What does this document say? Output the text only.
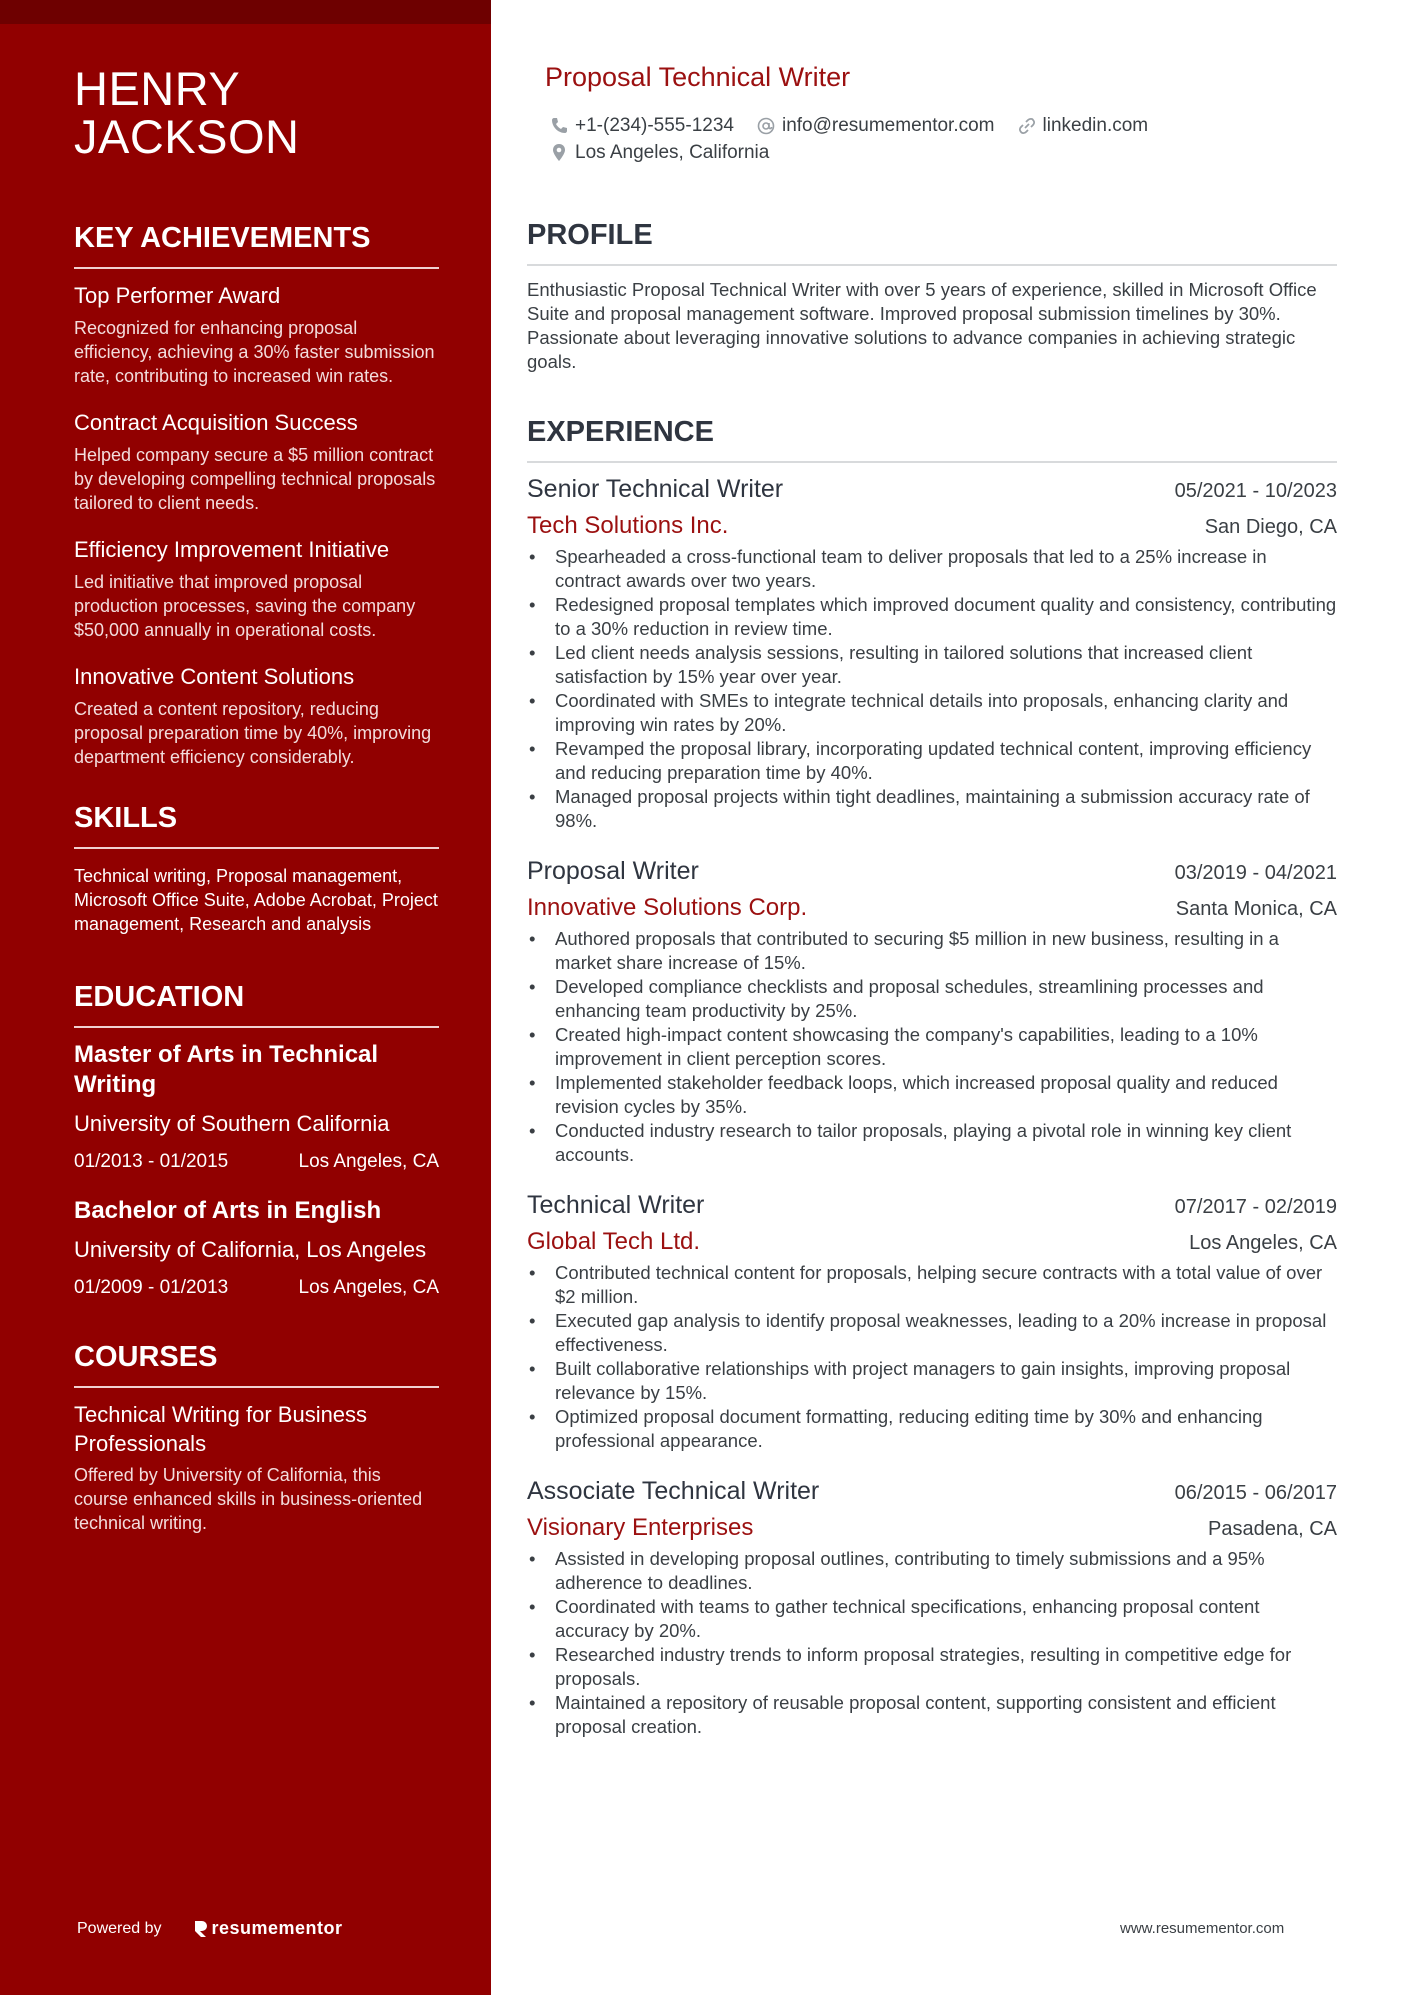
HENRY
JACKSON
KEY ACHIEVEMENTS
Top Performer Award
Recognized for enhancing proposal efficiency, achieving a 30% faster submission rate, contributing to increased win rates.
Contract Acquisition Success
Helped company secure a $5 million contract by developing compelling technical proposals tailored to client needs.
Efficiency Improvement Initiative
Led initiative that improved proposal production processes, saving the company $50,000 annually in operational costs.
Innovative Content Solutions
Created a content repository, reducing proposal preparation time by 40%, improving department efficiency considerably.
SKILLS
Technical writing, Proposal management, Microsoft Office Suite, Adobe Acrobat, Project management, Research and analysis
EDUCATION
Master of Arts in Technical Writing
University of Southern California
01/2013 - 01/2015	Los Angeles, CA
Bachelor of Arts in English
University of California, Los Angeles
01/2009 - 01/2013	Los Angeles, CA
COURSES
Technical Writing for Business Professionals
Offered by University of California, this course enhanced skills in business-oriented technical writing.
Powered by	resumementor
Proposal Technical Writer
+1-(234)-555-1234	info@resumementor.com	linkedin.com
Los Angeles, California
PROFILE

Enthusiastic Proposal Technical Writer with over 5 years of experience, skilled in Microsoft Office Suite and proposal management software. Improved proposal submission timelines by 30%. Passionate about leveraging innovative solutions to advance companies in achieving strategic goals.

EXPERIENCE
Senior Technical Writer	05/2021 - 10/2023
Tech Solutions Inc.	San Diego, CA
• Spearheaded a cross-functional team to deliver proposals that led to a 25% increase in contract awards over two years.
• Redesigned proposal templates which improved document quality and consistency, contributing to a 30% reduction in review time.
• Led client needs analysis sessions, resulting in tailored solutions that increased client satisfaction by 15% year over year.
• Coordinated with SMEs to integrate technical details into proposals, enhancing clarity and improving win rates by 20%.
• Revamped the proposal library, incorporating updated technical content, improving efficiency and reducing preparation time by 40%.
• Managed proposal projects within tight deadlines, maintaining a submission accuracy rate of 98%.
Proposal Writer	03/2019 - 04/2021
Innovative Solutions Corp.	Santa Monica, CA
• Authored proposals that contributed to securing $5 million in new business, resulting in a market share increase of 15%.
• Developed compliance checklists and proposal schedules, streamlining processes and enhancing team productivity by 25%.
• Created high-impact content showcasing the company's capabilities, leading to a 10% improvement in client perception scores.
• Implemented stakeholder feedback loops, which increased proposal quality and reduced revision cycles by 35%.
• Conducted industry research to tailor proposals, playing a pivotal role in winning key client accounts.
Technical Writer	07/2017 - 02/2019
Global Tech Ltd.	Los Angeles, CA
• Contributed technical content for proposals, helping secure contracts with a total value of over $2 million.
• Executed gap analysis to identify proposal weaknesses, leading to a 20% increase in proposal effectiveness.
• Built collaborative relationships with project managers to gain insights, improving proposal relevance by 15%.
• Optimized proposal document formatting, reducing editing time by 30% and enhancing professional appearance.
Associate Technical Writer	06/2015 - 06/2017
Visionary Enterprises	Pasadena, CA
• Assisted in developing proposal outlines, contributing to timely submissions and a 95% adherence to deadlines.
• Coordinated with teams to gather technical specifications, enhancing proposal content accuracy by 20%.
• Researched industry trends to inform proposal strategies, resulting in competitive edge for proposals.
• Maintained a repository of reusable proposal content, supporting consistent and efficient proposal creation.
www.resumementor.com
